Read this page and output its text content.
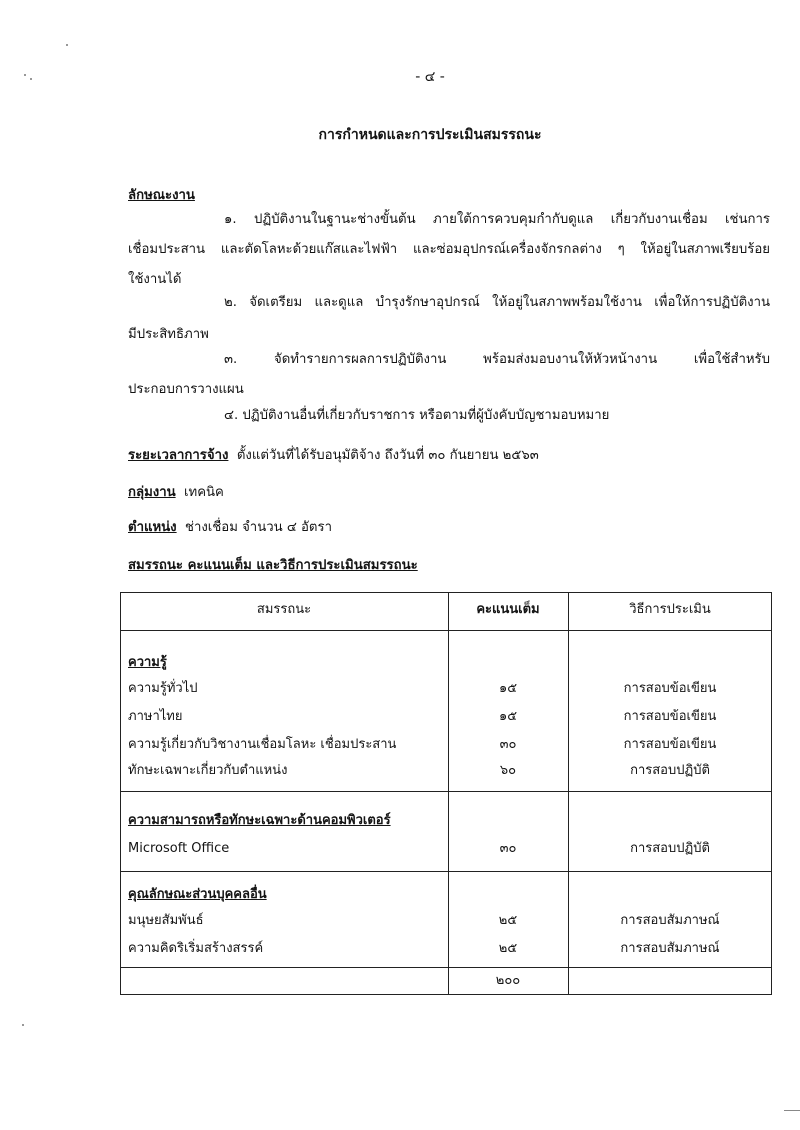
- ๔ -
การกำหนดและการประเมินสมรรถนะ
ลักษณะงาน
๑. ปฏิบัติงานในฐานะช่างขั้นต้น ภายใต้การควบคุมกำกับดูแล เกี่ยวกับงานเชื่อม เช่นการ
เชื่อมประสาน และตัดโลหะด้วยแก๊สและไฟฟ้า และซ่อมอุปกรณ์เครื่องจักรกลต่าง ๆ ให้อยู่ในสภาพเรียบร้อย
ใช้งานได้
๒. จัดเตรียม และดูแล บำรุงรักษาอุปกรณ์ ให้อยู่ในสภาพพร้อมใช้งาน เพื่อให้การปฏิบัติงาน
มีประสิทธิภาพ
๓. จัดทำรายการผลการปฏิบัติงาน พร้อมส่งมอบงานให้หัวหน้างาน เพื่อใช้สำหรับ
ประกอบการวางแผน
๔. ปฏิบัติงานอื่นที่เกี่ยวกับราชการ หรือตามที่ผู้บังคับบัญชามอบหมาย
ระยะเวลาการจ้าง ตั้งแต่วันที่ได้รับอนุมัติจ้าง ถึงวันที่ ๓๐ กันยายน ๒๕๖๓
กลุ่มงาน เทคนิค
ตำแหน่ง ช่างเชื่อม จำนวน ๔ อัตรา
สมรรถนะ คะแนนเต็ม และวิธีการประเมินสมรรถนะ
สมรรถนะ	คะแนนเต็ม	วิธีการประเมิน
ความรู้
ความรู้ทั่วไป	๑๕	การสอบข้อเขียน
ภาษาไทย	๑๕	การสอบข้อเขียน
ความรู้เกี่ยวกับวิชางานเชื่อมโลหะ เชื่อมประสาน	๓๐	การสอบข้อเขียน
ทักษะเฉพาะเกี่ยวกับตำแหน่ง	๖๐	การสอบปฏิบัติ
ความสามารถหรือทักษะเฉพาะด้านคอมพิวเตอร์
Microsoft Office	๓๐	การสอบปฏิบัติ
คุณลักษณะส่วนบุคคลอื่น
มนุษยสัมพันธ์	๒๕	การสอบสัมภาษณ์
ความคิดริเริ่มสร้างสรรค์	๒๕	การสอบสัมภาษณ์
๒๐๐
